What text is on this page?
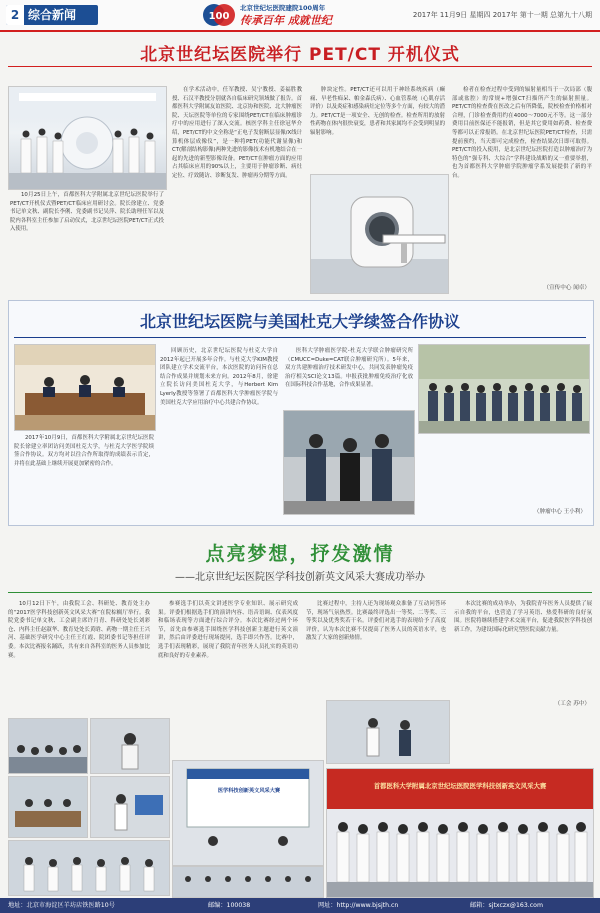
2 综合新闻	100
北京世纪坛医院建院100周年
传承百年 成就世纪	2017年 11月9日 星期四 2017年 第十一期 总第九十八期
北京世纪坛医院举行 PET/CT 开机仪式

10月25日上午，首都医科大学附属北京世纪坛医院举行了PET/CT开机仪式暨PET/CT临床应用研讨会。院长徐建立、党委书记单文秋、副院长李俐、党委副书记吴萍、院长助理任军以及院内各科室主任参加了启动仪式，北京世纪坛医院PET/CT正式投入使用。

在学术活动中，任军教授、吴宁教授、姜福胜教授、石汉平教授分别就各自临床研究领域做了报告。首都医科大学附属友谊医院、北京协和医院、北大肿瘤医院、天坛医院等单位的专家围绕PET/CT在临床肿瘤诊疗中的应用进行了深入交流。核医学科主任徐冠华介绍，PET/CT的中文全称是“正电子发射断层显像/X线计算机体层成像仪”，是一种将PET(功能代谢显像)和CT(解剖结构影像)两种先进的影像技术有机地结合在一起的先进的新型影像设备。PET/CT在肿瘤方面的应用占其临床应用的90%以上，主要用于肿瘤诊断、病灶定位、疗效随访、诊断复发、肿瘤再分期等方面。

肿块定性。PET/CT还可以用于神经系统疾病（癫痫、早老性痴呆、帕金森氏病）、心血管系统（心肌存活评价）以及炎症和感染病灶定位等多个方面，有较大的潜力。PET/CT是一项安全、无创的检查。检查所用的放射性药物在体内很快衰变，患者和其家属均不会受到明显的辐射影响。

检者在检查过程中受到的辐射量相当于一次局部（腹部或盆腔）的常规+增强CT扫描所产生的辐射照量。PET/CT的检查费在医改之后有所降低，院校检查价格相对合理，门诊检查费用约在4000～7000元不等。这一部分费用目前医保还不能报销，但是其它费用如药费、检查费等都可以正常报销。在北京世纪坛医院PET/CT检查，只需提前预约，当天即可完成检查，检查结果次日即可取得。PET/CT的投入使用，是北京世纪坛医院打造以肿瘤治疗为特色的“强专科、大综合”学科建设战略的又一重要举措，也为首都医科大学肿瘤学院肿瘤学系发展提供了新的平台。

（宣传中心 闻卓）
北京世纪坛医院与美国杜克大学续签合作协议

2017年10月9日，首都医科大学附属北京世纪坛医院院长徐建立率团访问美国杜克大学，与杜克大学医学院续签合作协议。双方均对以往合作所取得的成绩表示肯定，并将在此基础上继续开展更加紧密的合作。

回顾历史，北京世纪坛医院与杜克大学自2012年起已开展多年合作。与杜克大学KIM教授团队建立学术交流平台，本次医院的访问旨在总结合作成果并规划未来方向。2012年8月，徐建立院长访问美国杜克大学，与Herbert Kim Lyerly教授等签署了首都医科大学肿瘤医学院与美国杜克大学应用治疗中心共建合作协议。

医科大学肿瘤医学院-杜克大学联合肿瘤研究所（CMUCC=Duke=CAT联合肿瘤研究所）。5年来，双方共建肿瘤治疗技术研发中心，共同发表肿瘤免疫治疗相关SCI论文13篇。申报获批肿瘤免疫治疗化放在国际科技合作基地，合作成果显著。

（肿瘤中心 王小利）
点亮梦想，抒发激情
——北京世纪坛医院医学科技创新英文风采大赛成功举办

10月12日下午，由我院工会、科研处、教育处主办的“2017医学科技创新英文风采大赛”在院棕榈厅举行。我院党委书记单文秋、工会副主席许月青、科研处处长刘彩仓、内科主任赵淑华、教育处处长黄晗、药物一期主任王兴河、基础医学研究中心主任王红霞、院团委书记等担任评委。本次比赛报名踊跃，共有来自各科室的医务人员参加比赛。

参赛选手们以英文讲述医学专业知识、展示研究成果。评委们根据选手们的演讲内容、语音语调、仪表风度和临场表现等方面进行综合评分。本次比赛经过两个环节，首先由参赛选手围绕医学科技创新主题进行英文演讲，然后由评委进行现场提问，选手即兴作答。比赛中，选手们表现精彩，展现了我院青年医务人员扎实的英语功底和良好的专业素养。

比赛过程中，主持人还为现场观众准备了互动问答环节，现场气氛热烈。比赛最终评选出一等奖、二等奖、三等奖以及优秀奖若干名。评委们对选手的表现给予了高度评价，认为本次比赛不仅提高了医务人员的英语水平，也激发了大家的创新热情。

本次比赛的成功举办，为我院青年医务人员提供了展示自我的平台，也营造了学习英语、热爱科研的良好氛围。医院将继续搭建学术交流平台，促进我院医学科技创新工作，为建设国际化研究型医院贡献力量。

（工会 苏中）
医学科技创新英文风采大赛
首都医科大学附属北京世纪坛医院医学科技创新英文风采大赛
地址：北京市海淀区羊坊店铁医路10号	邮编：100038	网址：http://www.bjsjth.cn	邮箱：sjtxczx@163.com
